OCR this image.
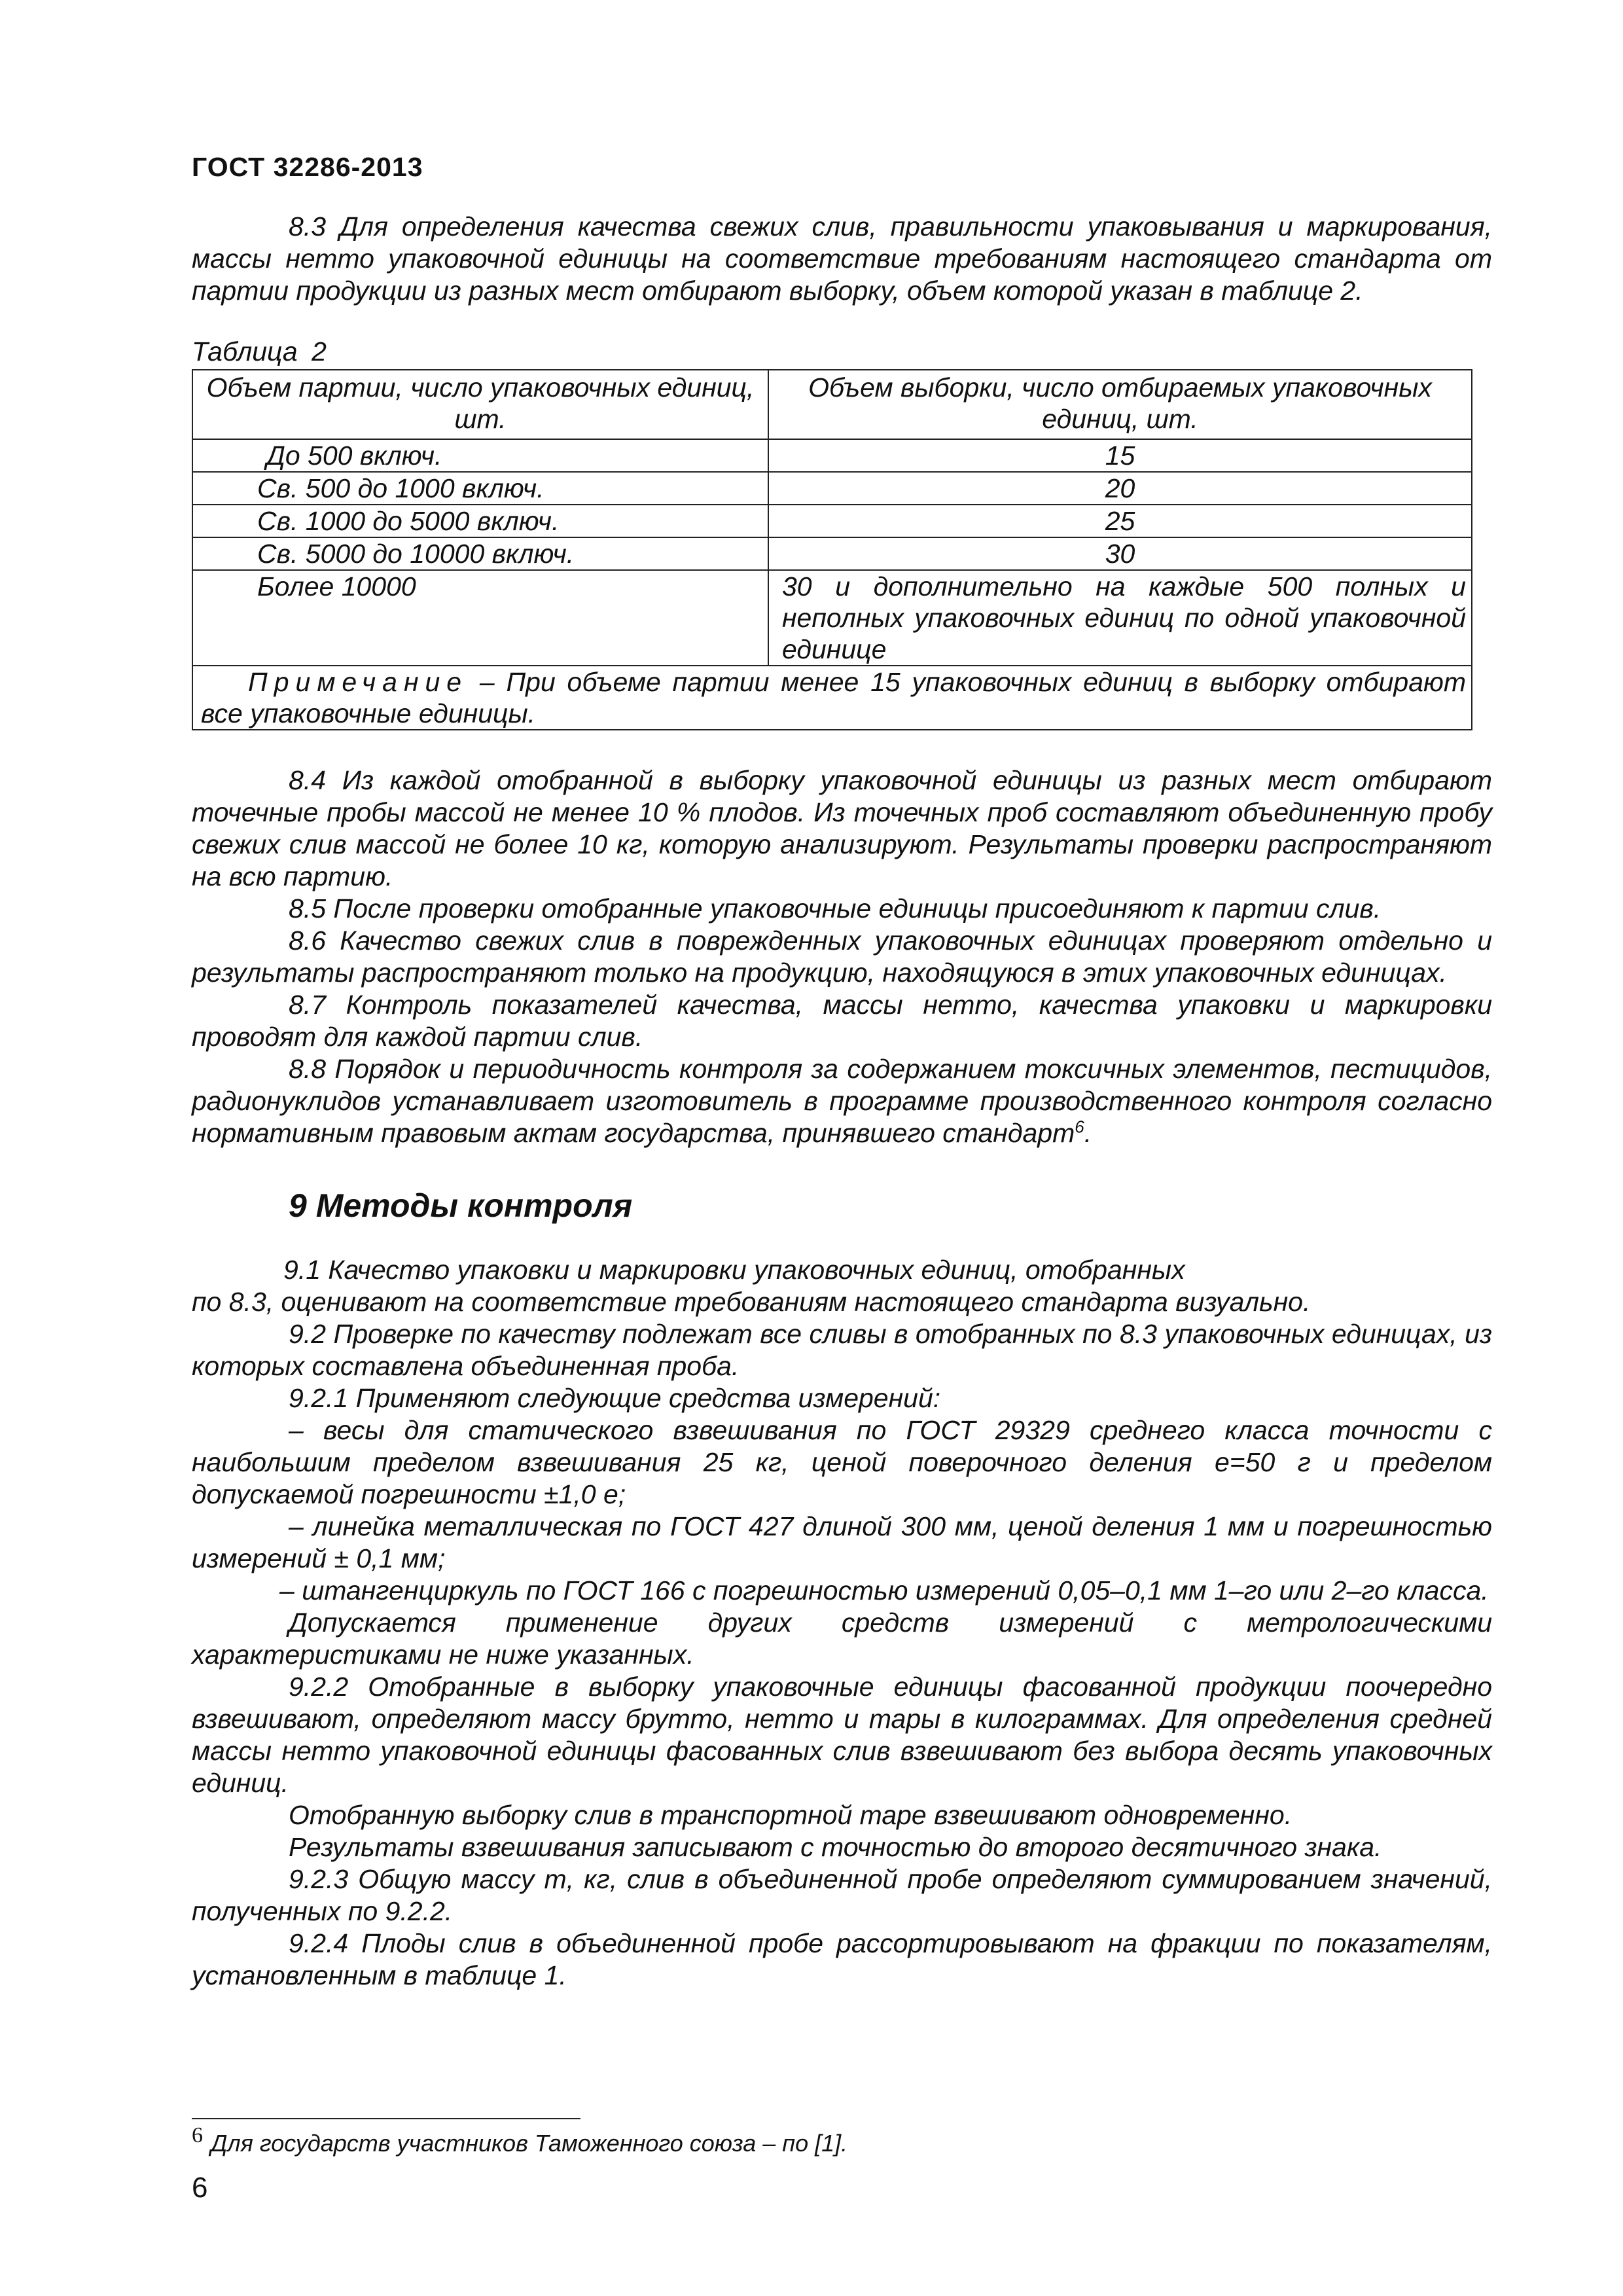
ГОСТ 32286-2013

8.3 Для определения качества свежих слив, правильности упаковывания и маркирования, массы нетто упаковочной единицы на соответствие требованиям настоящего стандарта от партии продукции из разных мест отбирают выборку, объем которой указан в таблице 2.

Таблица 2

Объем партии, число упаковочных единиц, шт.	Объем выборки, число отбираемых упаковочных единиц, шт.

До 500 включ.	15

Св. 500 до 1000 включ.	20

Св. 1000 до 5000 включ.	25

Св. 5000 до 10000 включ.	30

Более 10000	30 и дополнительно на каждые 500 полных и неполных упаковочных единиц по одной упаковочной единице
Примечание – При объеме партии менее 15 упаковочных единиц в выборку отбирают все упаковочные единицы.	

8.4 Из каждой отобранной в выборку упаковочной единицы из разных мест отбирают точечные пробы массой не менее 10 % плодов. Из точечных проб составляют объединенную пробу свежих слив массой не более 10 кг, которую анализируют. Результаты проверки распространяют на всю партию.

8.5 После проверки отобранные упаковочные единицы присоединяют к партии слив.

8.6 Качество свежих слив в поврежденных упаковочных единицах проверяют отдельно и результаты распространяют только на продукцию, находящуюся в этих упаковочных единицах.

8.7 Контроль показателей качества, массы нетто, качества упаковки и маркировки проводят для каждой партии слив.

8.8 Порядок и периодичность контроля за содержанием токсичных элементов, пестицидов, радионуклидов устанавливает изготовитель в программе производственного контроля согласно нормативным правовым актам государства, принявшего стандарт$^6$.

9 Методы контроля

9.1 Качество упаковки и маркировки упаковочных единиц, отобранных

по 8.3, оценивают на соответствие требованиям настоящего стандарта визуально.

9.2 Проверке по качеству подлежат все сливы в отобранных по 8.3 упаковочных единицах, из которых составлена объединенная проба.

9.2.1 Применяют следующие средства измерений:

– весы для статического взвешивания по ГОСТ 29329 среднего класса точности с наибольшим пределом взвешивания 25 кг, ценой поверочного деления е=50 г и пределом допускаемой погрешности ±1,0 е;

– линейка металлическая по ГОСТ 427 длиной 300 мм, ценой деления 1 мм и погрешностью измерений ± 0,1 мм;

– штангенциркуль по ГОСТ 166 с погрешностью измерений 0,05–0,1 мм 1–го или 2–го класса.

Допускается применение других средств измерений с метрологическими характеристиками не ниже указанных.

9.2.2 Отобранные в выборку упаковочные единицы фасованной продукции поочередно взвешивают, определяют массу брутто, нетто и тары в килограммах. Для определения средней массы нетто упаковочной единицы фасованных слив взвешивают без выбора десять упаковочных единиц.

Отобранную выборку слив в транспортной таре взвешивают одновременно.

Результаты взвешивания записывают с точностью до второго десятичного знака.

9.2.3 Общую массу m, кг, слив в объединенной пробе определяют суммированием значений, полученных по 9.2.2.

9.2.4 Плоды слив в объединенной пробе рассортировывают на фракции по показателям, установленным в таблице 1.

6 Для государств участников Таможенного союза – по [1].
6
